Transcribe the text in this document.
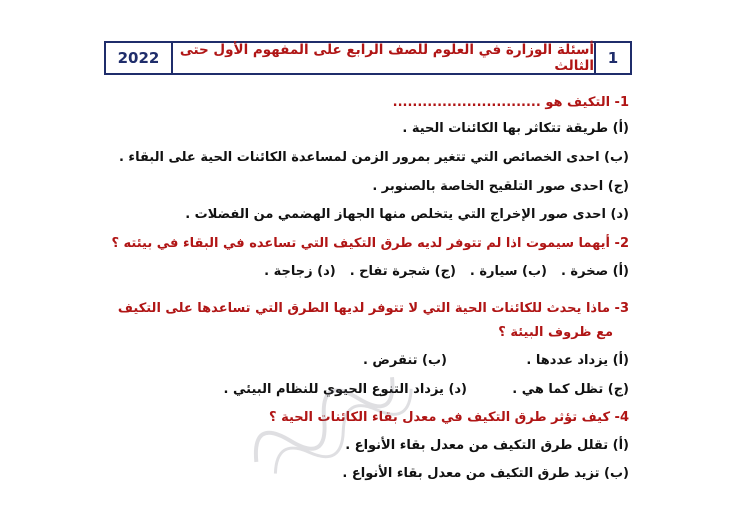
2022	أسئلة الوزارة في العلوم للصف الرابع على المفهوم الأول حتى الثالث 1
1- التكيف هو ..............................
(أ) طريقة تتكاثر بها الكائنات الحية .
(ب) احدى الخصائص التي تتغير بمرور الزمن لمساعدة الكائنات الحية على البقاء .
(ج) احدى صور التلقيح الخاصة بالصنوبر .
(د) احدى صور الإخراج التي يتخلص منها الجهاز الهضمي من الفضلات .
2- أيهما سيموت اذا لم تتوفر لديه طرق التكيف التي تساعده في البقاء في بيئته ؟
(أ) صخرة .
(ب) سيارة .
(ج) شجرة تفاح .
(د) زجاجة .
3- ماذا يحدث للكائنات الحية التي لا تتوفر لديها الطرق التي تساعدها على التكيف
مع ظروف البيئة ؟
(أ) يزداد عددها .
(ب) تنقرض .
(ج) تظل كما هي .
(د) يزداد التنوع الحيوي للنظام البيئي .
4- كيف تؤثر طرق التكيف في معدل بقاء الكائنات الحية ؟
(أ) تقلل طرق التكيف من معدل بقاء الأنواع .
(ب) تزيد طرق التكيف من معدل بقاء الأنواع .
